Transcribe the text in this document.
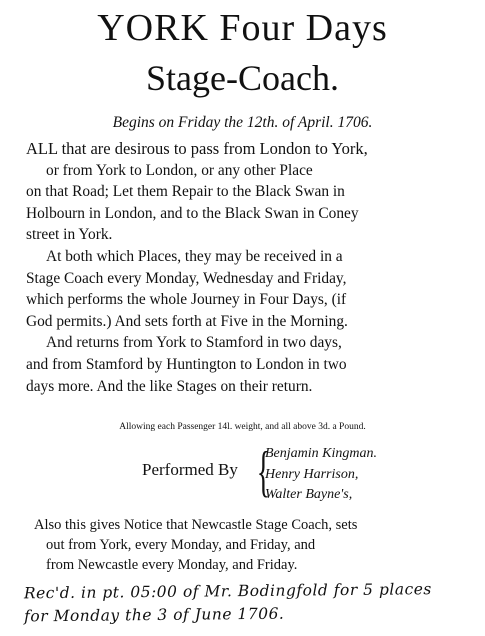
YORK Four Days
Stage-Coach.
Begins on Friday the 12th. of April. 1706.
ALL that are desirous to pass from London to York,
or from York to London, or any other Place
on that Road; Let them Repair to the Black Swan in
Holbourn in London, and to the Black Swan in Coney
street in York.
At both which Places, they may be received in a
Stage Coach every Monday, Wednesday and Friday,
which performs the whole Journey in Four Days, (if
God permits.) And sets forth at Five in the Morning.
And returns from York to Stamford in two days,
and from Stamford by Huntington to London in two
days more. And the like Stages on their return.
Allowing each Passenger 14l. weight, and all above 3d. a Pound.
Performed By {
Benjamin Kingman.
Henry Harrison,
Walter Bayne's,
Also this gives Notice that Newcastle Stage Coach, sets
out from York, every Monday, and Friday, and
from Newcastle every Monday, and Friday.
Rec'd. in pt. 05:00 of Mr. Bodingfold for 5 places
for Monday the 3 of June 1706.
